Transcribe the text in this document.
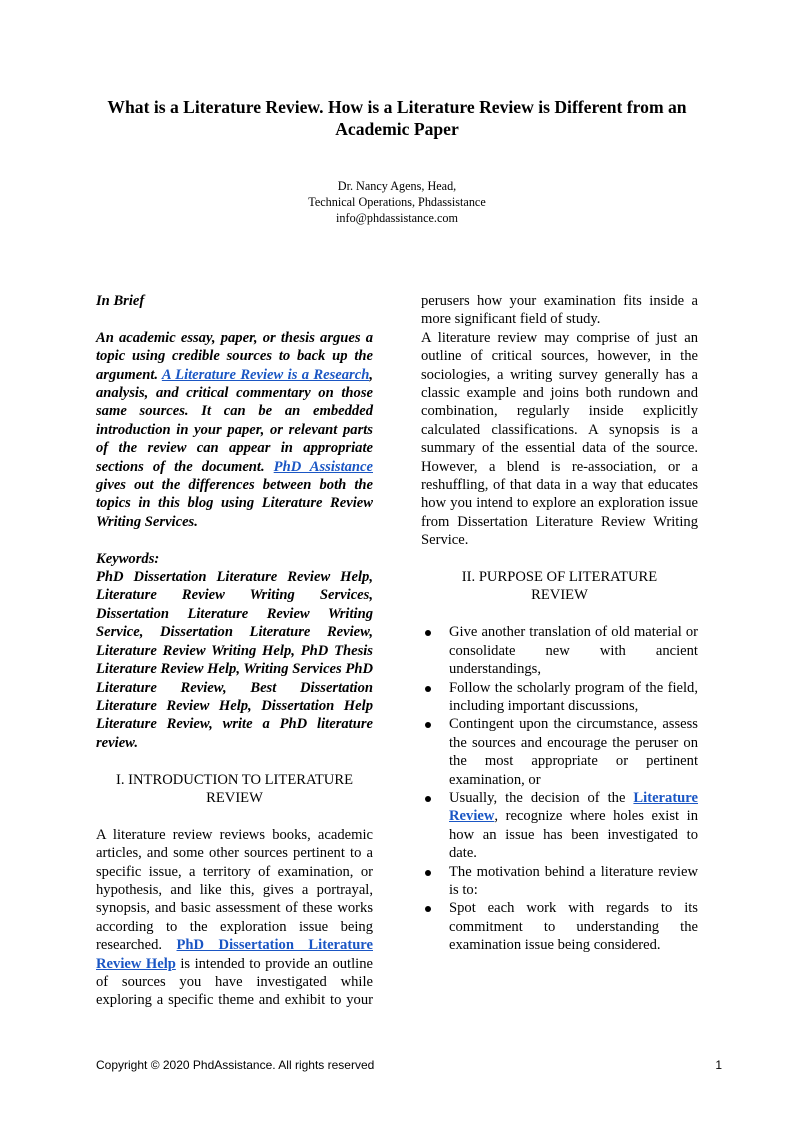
What is a Literature Review. How is a Literature Review is Different from an Academic Paper
Dr. Nancy Agens, Head,
Technical Operations, Phdassistance
info@phdassistance.com

In Brief

An academic essay, paper, or thesis argues a topic using credible sources to back up the argument. A Literature Review is a Research, analysis, and critical commentary on those same sources. It can be an embedded introduction in your paper, or relevant parts of the review can appear in appropriate sections of the document. PhD Assistance gives out the differences between both the topics in this blog using Literature Review Writing Services.

Keywords:
PhD Dissertation Literature Review Help, Literature Review Writing Services, Dissertation Literature Review Writing Service, Dissertation Literature Review, Literature Review Writing Help, PhD Thesis Literature Review Help, Writing Services PhD Literature Review, Best Dissertation Literature Review Help, Dissertation Help Literature Review, write a PhD literature review.

I. INTRODUCTION TO LITERATURE REVIEW

A literature review reviews books, academic articles, and some other sources pertinent to a specific issue, a territory of examination, or hypothesis, and like this, gives a portrayal, synopsis, and basic assessment of these works according to the exploration issue being researched. PhD Dissertation Literature Review Help is intended to provide an outline of sources you have investigated while exploring a specific theme and exhibit to your perusers how your examination fits inside a more significant field of study.

A literature review may comprise of just an outline of critical sources, however, in the sociologies, a writing survey generally has a classic example and joins both rundown and combination, regularly inside explicitly calculated classifications. A synopsis is a summary of the essential data of the source. However, a blend is re-association, or a reshuffling, of that data in a way that educates how you intend to explore an exploration issue from Dissertation Literature Review Writing Service.

II. PURPOSE OF LITERATURE REVIEW

Give another translation of old material or consolidate new with ancient understandings,
Follow the scholarly program of the field, including important discussions,
Contingent upon the circumstance, assess the sources and encourage the peruser on the most appropriate or pertinent examination, or
Usually, the decision of the Literature Review, recognize where holes exist in how an issue has been investigated to date.
The motivation behind a literature review is to:
Spot each work with regards to its commitment to understanding the examination issue being considered.
Copyright © 2020 PhdAssistance. All rights reserved	1
